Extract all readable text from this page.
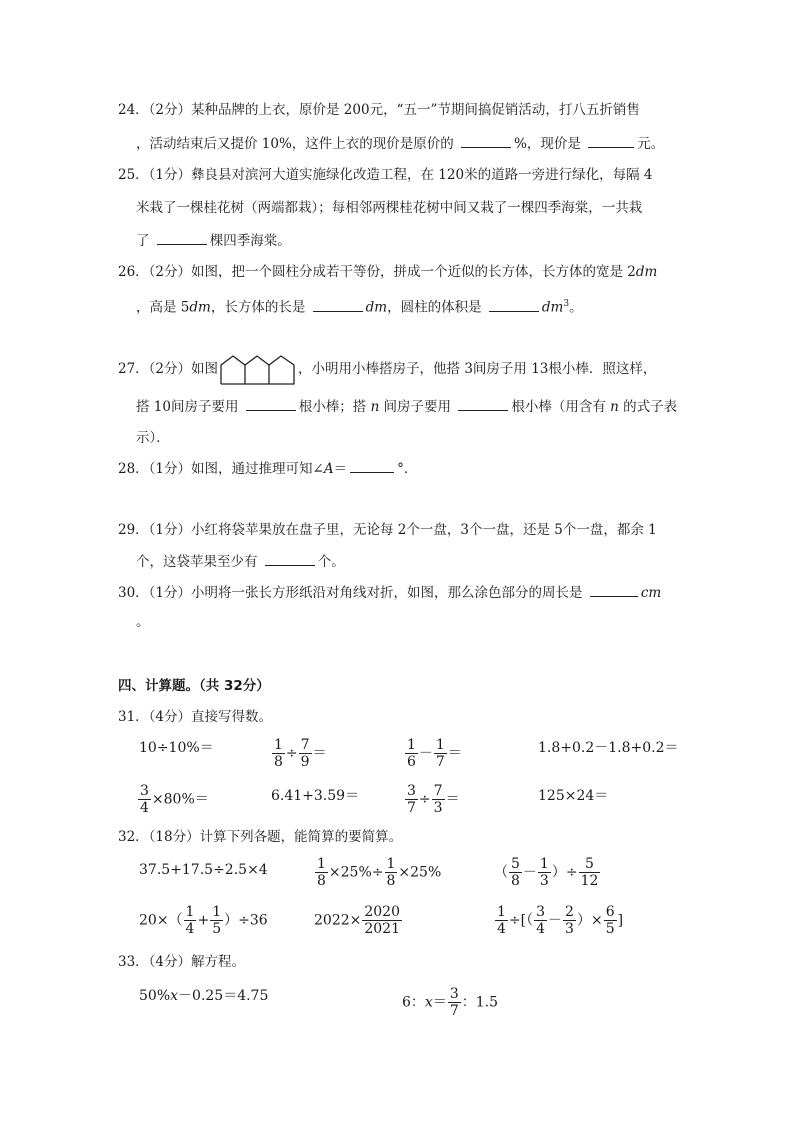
24．（2分）某种品牌的上衣，原价是 200元，“五一”节期间搞促销活动，打八五折销售
，活动结束后又提价 10%，这件上衣的现价是原价的	%，现价是	元。
25．（1分）彝良县对滨河大道实施绿化改造工程，在 120米的道路一旁进行绿化，每隔 4
米栽了一棵桂花树（两端都栽）；每相邻两棵桂花树中间又栽了一棵四季海棠，一共栽
了	棵四季海棠。
26．（2分）如图，把一个圆柱分成若干等份，拼成一个近似的长方体，长方体的宽是 2dm
，高是 5dm，长方体的长是	dm，圆柱的体积是	$dm^3$。
27．（2分）如图	，小明用小棒搭房子，他搭 3间房子用 13根小棒．照这样，
搭 10间房子要用	根小棒；搭 n 间房子要用	根小棒（用含有 n 的式子表
示）．
28．（1分）如图，通过推理可知∠A＝	°．
29．（1分）小红将袋苹果放在盘子里，无论每 2个一盘，3个一盘，还是 5个一盘，都余 1
个，这袋苹果至少有	个。
30．（1分）小明将一张长方形纸沿对角线对折，如图，那么涂色部分的周长是	cm
。
四、计算题。（共 32分）
31．（4分）直接写得数。
10÷10%＝	$\frac{1}{8} \div \frac{7}{9}$ ＝	$\frac{1}{6} - \frac{1}{7}$ ＝	1.8+0.2－1.8+0.2＝
$\frac{3}{4} \times 80\%=$	6.41+3.59＝	$\frac{3}{7} \div \frac{7}{3}$ ＝	125×24＝
32．（18分）计算下列各题，能简算的要简算。
37.5+17.5÷2.5×4	$\frac{1}{8} \times 25\%\div \frac{1}{8} \times 25\%$	（ $\frac{5}{8} - \frac{1}{3}$ ）÷ $\frac{5}{12}$
$20\times( \frac{1}{4} + \frac{1}{5} )\div 36$	$2022\times \frac{2020}{2021}$	$\frac{1}{4}$ ÷[（ $\frac{3}{4} - \frac{2}{3}$ ）× $\frac{6}{5}$ ]
33．（4分）解方程。
50%x－0.25＝4.75	6：$x= \frac{3}{7}$ ：1.5
